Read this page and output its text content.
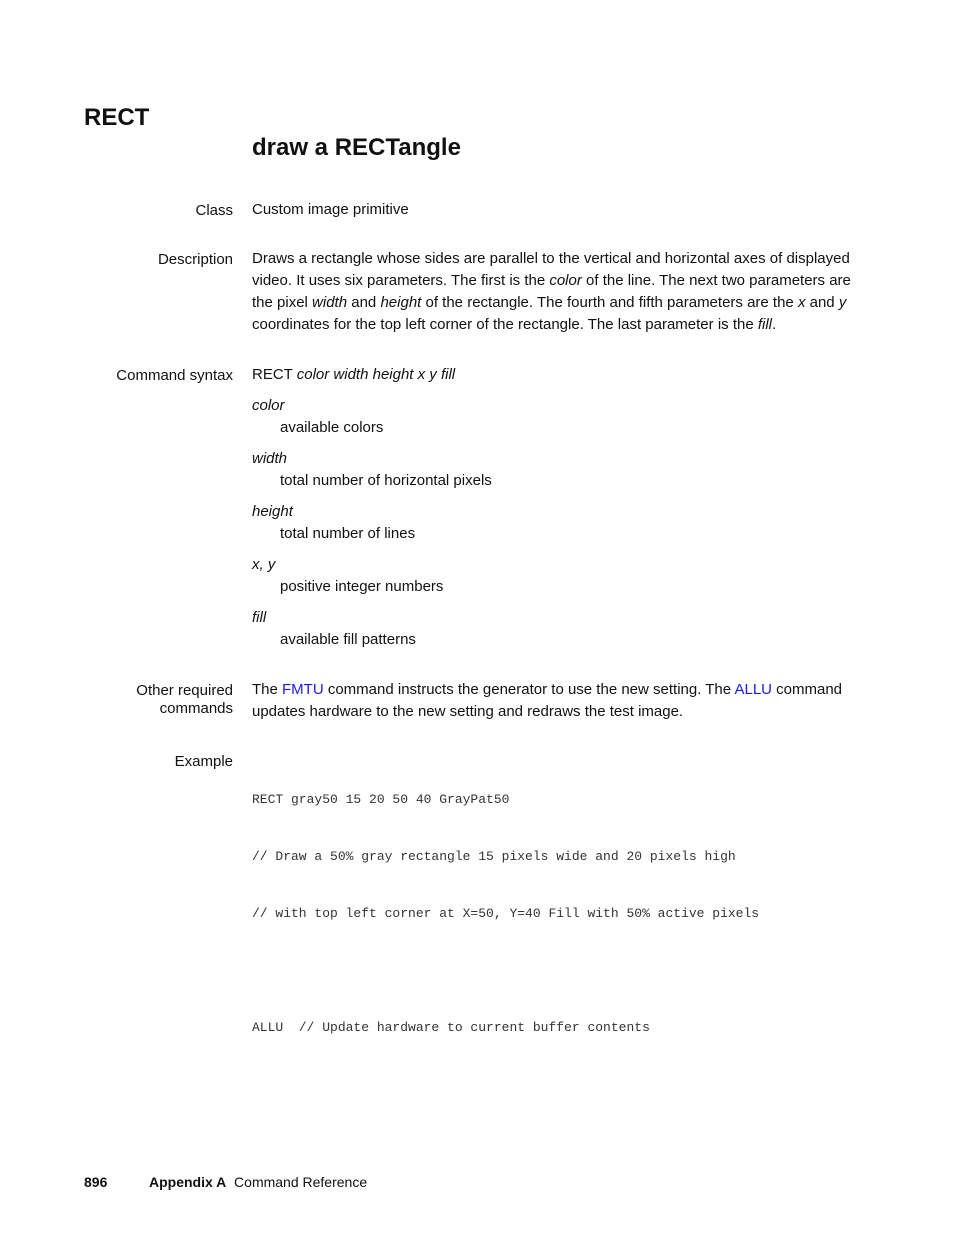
RECT
draw a RECTangle
Class Custom image primitive
Description Draws a rectangle whose sides are parallel to the vertical and horizontal axes of displayed
video. It uses six parameters. The first is the color of the line. The next two parameters are
the pixel width and height of the rectangle. The fourth and fifth parameters are the x and y
coordinates for the top left corner of the rectangle. The last parameter is the fill.
Command syntax RECT color width height x y fill
color
available colors
width
total number of horizontal pixels
height
total number of lines
x, y
positive integer numbers
fill
available fill patterns
Other required
commands
The FMTU command instructs the generator to use the new setting. The ALLU command
updates hardware to the new setting and redraws the test image.
Example

RECT gray50 15 20 50 40 GrayPat50

// Draw a 50% gray rectangle 15 pixels wide and 20 pixels high

// with top left corner at X=50, Y=40 Fill with 50% active pixels

ALLU  // Update hardware to current buffer contents

896	Appendix A Command Reference
